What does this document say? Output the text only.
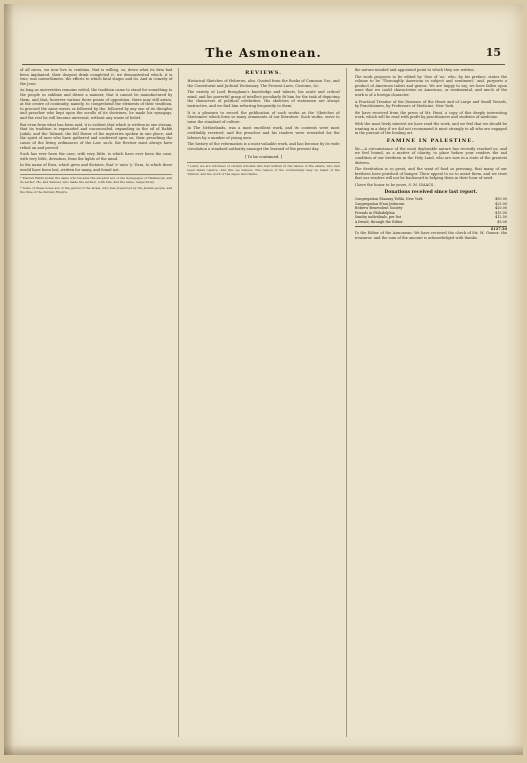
The Asmonean.	15

of all races, we now live to combine, that is willing, so, down what its firm had been implanted, their deepest drink completed it, we demonstrated which, it is true, was unworthiness, the efforts to which fatal stages and its. And in comedy of the Jews.

As long as universities remains veiled, the tradition came to stand for something to the people so sublime and divine a manner, that it cannot be manufactured by them, and that, however various there points of opposition, there may still arises, at the centre of continuity, namely, to comprehend the elements of their tradition, to proceed the same waves as followed by the, followed by any one of its disciples and preacher who kept upon the scrolls of its doctrines, he made his synagogs, and the rest he will become universal, without any waste of belief.

But even from what has been said, it is evident that which is written in one stream, that its tradition is expounded and unconcealed, expanding in the oil of Rabbi Judah, and the Talmud, the full flower of the mysteries spoken in one place, and the spirit of men who have gathered and conferred upon us, their preaching the cause of the living ordinances of the Law, such, the Reviser must always have relied on and proved.

Such has ever been the case, with very little, is which have ever been the case, with very little, deviation, from the lights of the mind.

In the name of Ezra, which gives and dictates, that 'e' unto 'y.' Ezra, to which there would have been lost, written for many, and found not.

* Elected Rabbi Judah the same who became the adopted son of the Synagogue of Hamburgh, and its author. He, and Samuel, who made the sermon, with him, and the same, respectively.

* Some of these notes are of the period of the Israel, who was preserved by the Jewish people, and the time of the Persian Empire.

REVIEWS.

Historical Sketches of Hebrews, also. Quoted from the Books of Common Use, and the Constituent and Judicial Dictionary. The Present Laws, Customs, &c.

The variety of Lord Brougham's knowledge and talents, his acute and critical mind, and his powerful grasp of intellect peculiarly fit him for the task of depicting the characters of political celebrities. His sketches of statesmen are always instructive, and we find him referring frequently to them.

It is a pleasure to record the publication of such works as the 'Sketches of Statesmen' which form so many ornaments of our literature. Such works, serve to raise the standard of culture.

In The Netherlands, was a most excellent work, and its contents were most creditably received, and the preacher and his readers were rewarded for the labours by a number of young men.

The history of the reformation is a most valuable work, and has become by its wide circulation a standard authority amongst the learned of the present day.

[ To be continued. ]

* Later, we are informed of certain scholars who had written in the names of the elders, who had been taken captive. And this we believe. The reason of the commentary may be taken of the Talmud, and the work of the sages and rabbis.

the nature-minded and appointed point to which they are written.

The work proposes to be edited by 'One of 'us,' who, by his preface, states the volume to be 'Thoroughly American in subject and sentiment,' and, purports a product of American talent and genius. We are happy to say, we have fallen upon none that we could characterise as American, or sentimental, and much of the work is of a foreign character.

A Practical Treatise of the Diseases of the Heart and of Large and Small Vessels, by Practitioners, by Professors of Medicine, New York.

We have received from the press of Mr. Hunt, a copy of this deeply interesting work, which will be read with profit by practitioners and students of medicine.

With the most lively interest we have read the work, and we feel that we should be wanting in a duty if we did not recommend it most strongly to all who are engaged in the pursuit of the healing art.

FAMINE IN PALESTINE.

Sir,—A circumstance of the most deplorable nature has recently reached us, and we feel bound, as a matter of charity, to place before your readers the sad condition of our brethren in the Holy Land, who are now in a state of the greatest distress.

The destitution is so great, and the want of food so pressing, that many of our brethren have perished of hunger. Their appeal to us to assist them, and we trust that our readers will not be backward in helping them in their hour of need.

I have the honor to be yours, S. M. ISAACS.

Donations received since last report.
Congregation Shaaray Tefila, New York	$50.00
Congregation B'nai Jeshurun	$25.00
Hebrew Benevolent Society	$20.00
Friends in Philadelphia	$15.00
Sundry individuals, per list	$12.50
A friend, through the Editor	$5.00
$127.50

To the Editor of the Asmonean: We have received the check of Mr. M. Gomez, the treasurer, and the sum of the amount is acknowledged with thanks.
